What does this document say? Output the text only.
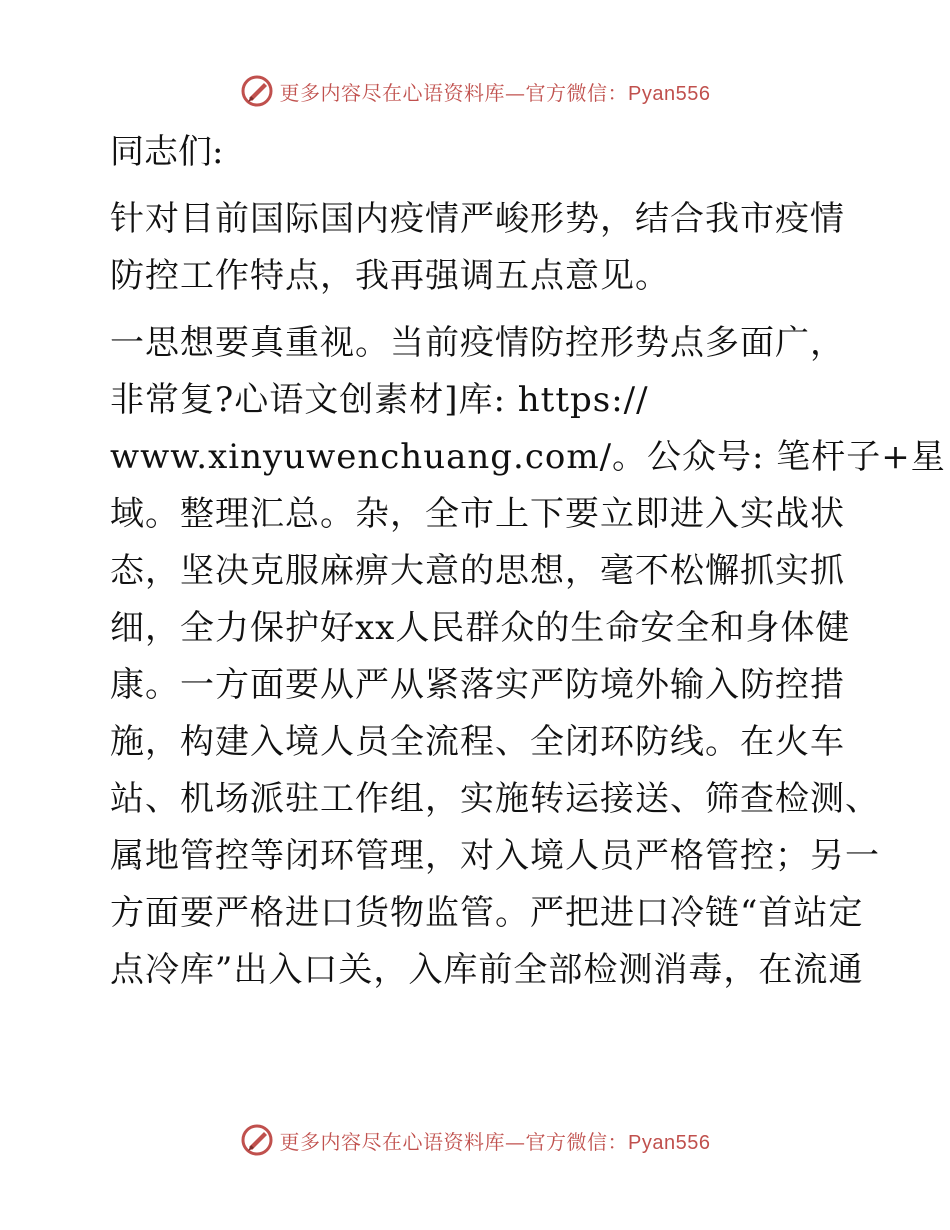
更多内容尽在心语资料库—官方微信：Pyan556

同志们:

针对目前国际国内疫情严峻形势，结合我市疫情
防控工作特点，我再强调五点意见。

一思想要真重视。当前疫情防控形势点多面广，
非常复?心语文创素材]库: https://
www.xinyuwenchuang.com/。公众号: 笔杆子+星
域。整理汇总。杂，全市上下要立即进入实战状
态，坚决克服麻痹大意的思想，毫不松懈抓实抓
细，全力保护好xx人民群众的生命安全和身体健
康。一方面要从严从紧落实严防境外输入防控措
施，构建入境人员全流程、全闭环防线。在火车
站、机场派驻工作组，实施转运接送、筛查检测、
属地管控等闭环管理，对入境人员严格管控；另一
方面要严格进口货物监管。严把进口冷链“首站定
点冷库”出入口关，入库前全部检测消毒，在流通

更多内容尽在心语资料库—官方微信：Pyan556
